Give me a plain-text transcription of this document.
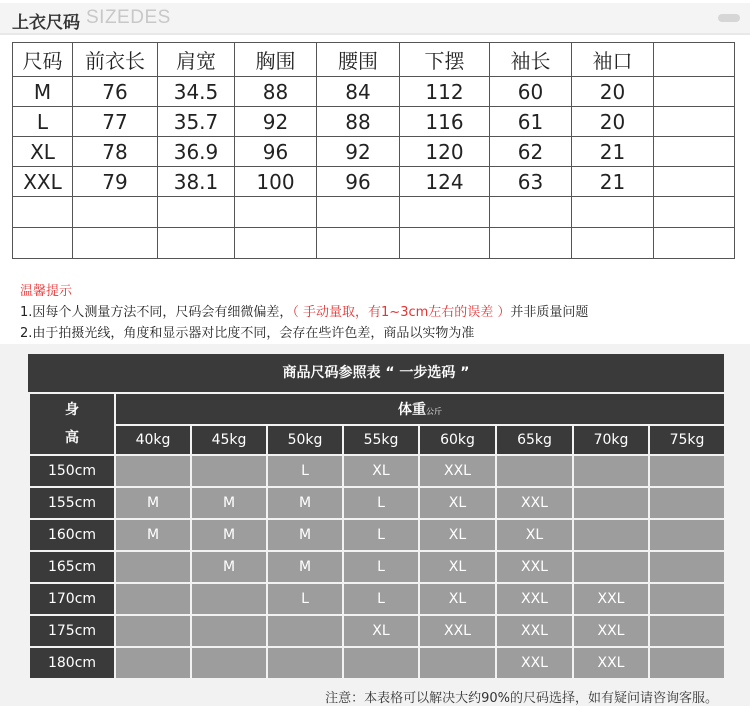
上衣尺码 SIZEDES
尺码	前衣长	肩宽	胸围	腰围	下摆	袖长	袖口	
M	76	34.5	88	84	112	60	20	
L	77	35.7	92	88	116	61	20	
XL	78	36.9	96	92	120	62	21	
XXL	79	38.1	100	96	124	63	21	

温馨提示
1.因每个人测量方法不同，尺码会有细微偏差，（ 手动量取，有1~3cm左右的误差 ）并非质量问题
2.由于拍摄光线，角度和显示器对比度不同，会存在些许色差，商品以实物为准
商品尺码参照表 “ 一步选码 ”
身
高	体重公斤							
	40kg	45kg	50kg	55kg	60kg	65kg	70kg	75kg
150cm			L	XL	XXL			
155cm	M	M	M	L	XL	XXL		
160cm	M	M	M	L	XL	XL		
165cm		M	M	L	XL	XXL		
170cm			L	L	XL	XXL	XXL	
175cm				XL	XXL	XXL	XXL	
180cm						XXL	XXL	
注意：本表格可以解决大约90%的尺码选择，如有疑问请咨询客服。
